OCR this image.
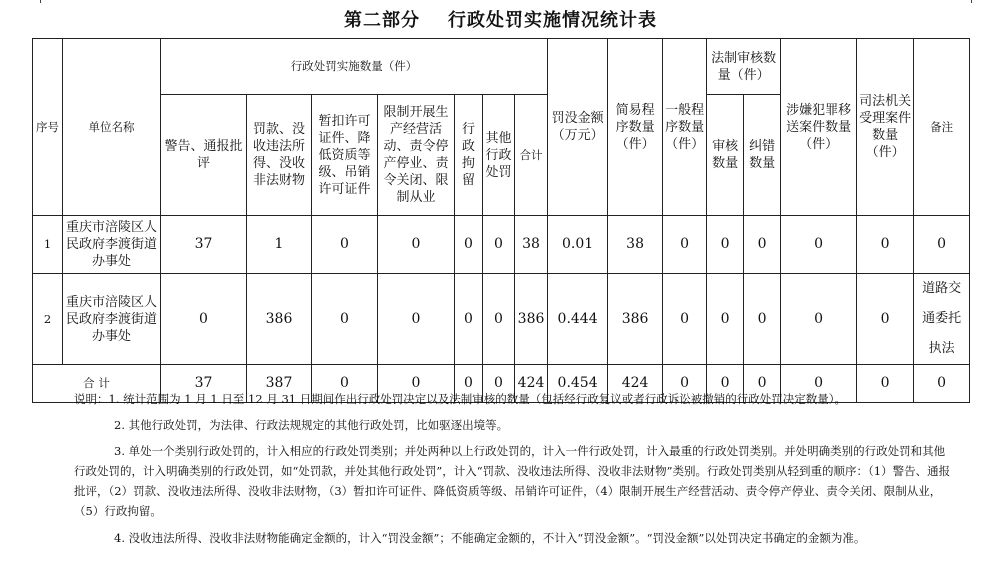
第二部分 行政处罚实施情况统计表
序号	单位名称	行政处罚实施数量（件）							罚没金额（万元）	简易程序数量（件）	一般程序数量（件）	法制审核数量（件）		涉嫌犯罪移送案件数量（件）	司法机关受理案件数量（件）	备注
		警告、通报批评	罚款、没收违法所得、没收非法财物	暂扣许可证件、降低资质等级、吊销许可证件	限制开展生产经营活动、责令停产停业、责令关闭、限制从业	行政拘留	其他行政处罚	合计				审核数量	纠错数量			
1	重庆市涪陵区人民政府李渡街道办事处	37	1	0	0	0	0	38	0.01	38	0	0	0	0	0	0
2	重庆市涪陵区人民政府李渡街道办事处	0	386	0	0	0	0	386	0.444	386	0	0	0	0	0	道路交通委托执法
合 计		37	387	0	0	0	0	424	0.454	424	0	0	0	0	0	0

说明：1. 统计范围为 1 月 1 日至 12 月 31 日期间作出行政处罚决定以及法制审核的数量（包括经行政复议或者行政诉讼被撤销的行政处罚决定数量）。

2. 其他行政处罚，为法律、行政法规规定的其他行政处罚，比如驱逐出境等。

3. 单处一个类别行政处罚的，计入相应的行政处罚类别；并处两种以上行政处罚的，计入一件行政处罚，计入最重的行政处罚类别。并处明确类别的行政处罚和其他行政处罚的，计入明确类别的行政处罚，如“处罚款，并处其他行政处罚”，计入“罚款、没收违法所得、没收非法财物”类别。行政处罚类别从轻到重的顺序：（1）警告、通报批评，（2）罚款、没收违法所得、没收非法财物，（3）暂扣许可证件、降低资质等级、吊销许可证件，（4）限制开展生产经营活动、责令停产停业、责令关闭、限制从业，（5）行政拘留。

4. 没收违法所得、没收非法财物能确定金额的，计入“罚没金额”；不能确定金额的，不计入“罚没金额”。“罚没金额”以处罚决定书确定的金额为准。
